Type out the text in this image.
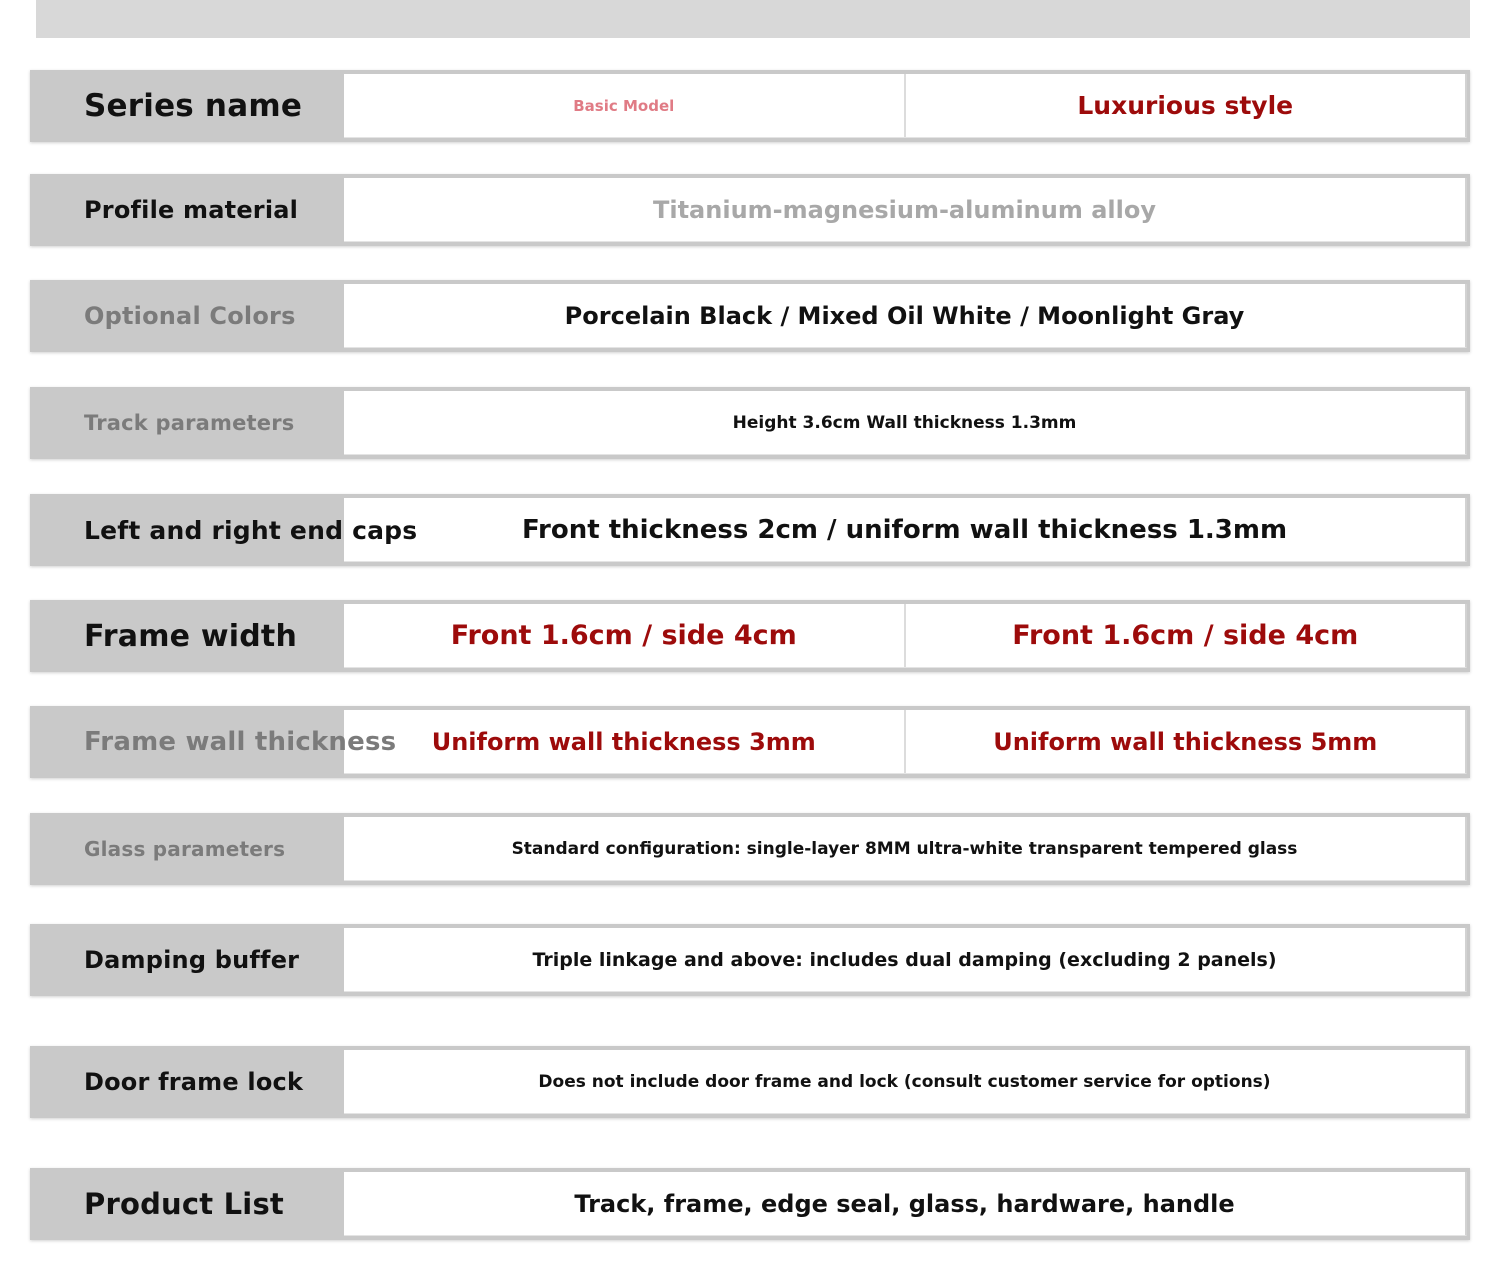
Series name	Basic Model	Luxurious style
Profile material	Titanium-magnesium-aluminum alloy
Optional Colors	Porcelain Black / Mixed Oil White / Moonlight Gray
Track parameters	Height 3.6cm Wall thickness 1.3mm
Left and right end caps	Front thickness 2cm / uniform wall thickness 1.3mm
Frame width	Front 1.6cm / side 4cm	Front 1.6cm / side 4cm
Frame wall thickness	Uniform wall thickness 3mm	Uniform wall thickness 5mm
Glass parameters	Standard configuration: single-layer 8MM ultra-white transparent tempered glass
Damping buffer	Triple linkage and above: includes dual damping (excluding 2 panels)
Door frame lock	Does not include door frame and lock (consult customer service for options)
Product List	Track, frame, edge seal, glass, hardware, handle
